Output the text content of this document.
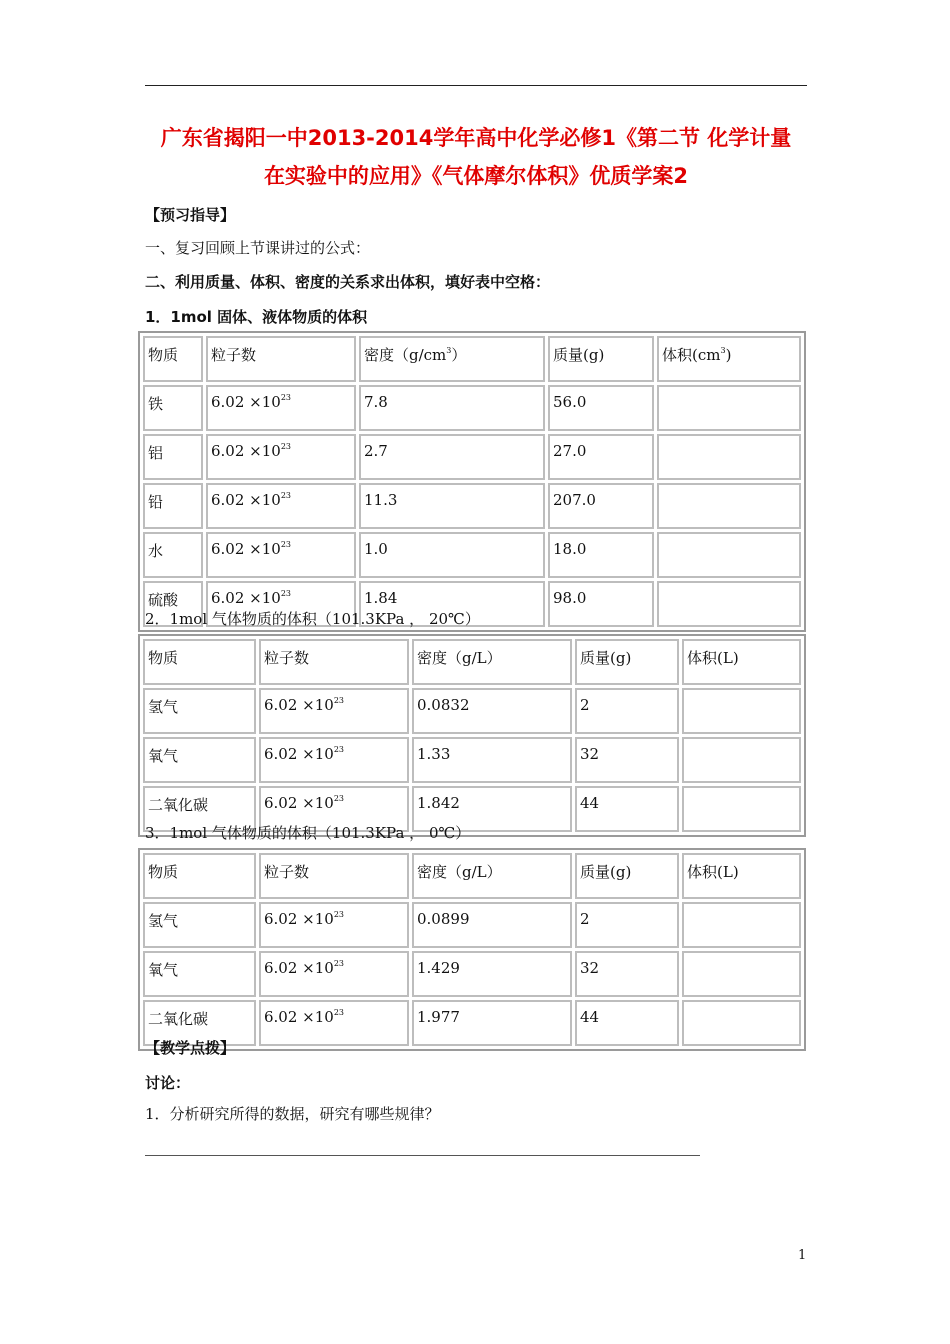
广东省揭阳一中2013-2014学年高中化学必修1《第二节 化学计量
在实验中的应用》《气体摩尔体积》优质学案2
【预习指导】
一、复习回顾上节课讲过的公式：
二、利用质量、体积、密度的关系求出体积，填好表中空格：
1．1mol 固体、液体物质的体积
物质	粒子数	密度$(g/cm^3)$	质量(g)	体积$(cm^3)$
铁	$6.02 \times 10^{23}$	7.8	56.0	
铝	$6.02 \times 10^{23}$	2.7	27.0	
铅	$6.02 \times 10^{23}$	11.3	207.0	
水	$6.02 \times 10^{23}$	1.0	18.0	
硫酸	$6.02 \times 10^{23}$	1.84	98.0	
2．1mol 气体物质的体积（101.3KPa ， 20℃）
物质	粒子数	密度（g/L）	质量(g)	体积(L)
氢气	$6.02 \times 10^{23}$	0.0832	2	
氧气	$6.02 \times 10^{23}$	1.33	32	
二氧化碳	$6.02 \times 10^{23}$	1.842	44	
3．1mol 气体物质的体积（101.3KPa ， 0℃）
物质	粒子数	密度（g/L）	质量(g)	体积(L)
氢气	$6.02 \times 10^{23}$	0.0899	2	
氧气	$6.02 \times 10^{23}$	1.429	32	
二氧化碳	$6.02 \times 10^{23}$	1.977	44	
【教学点拨】
讨论：
1．分析研究所得的数据，研究有哪些规律？
1
